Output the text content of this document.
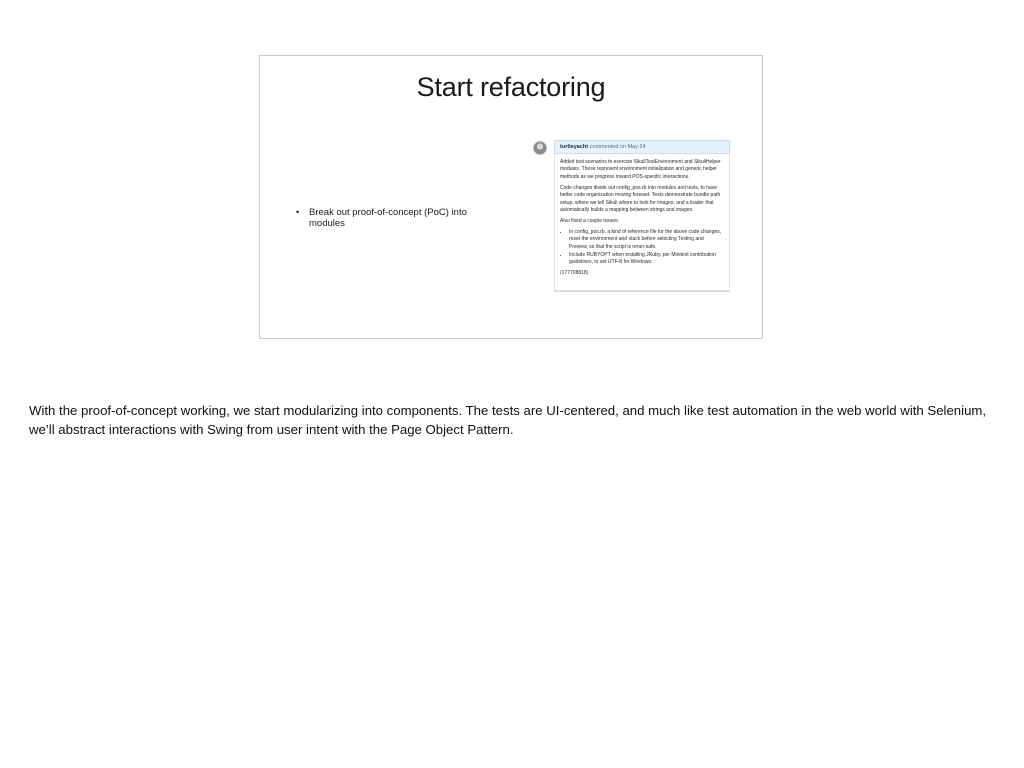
Start refactoring
• Break out proof-of-concept (PoC) into modules
turtleyacht commented on May 24

Added test scenarios to exercise SikuliTestEnvironment and SikuliHelper modules. These represent environment initialization and generic helper methods as we progress toward POS-specific interactions.

Code changes divide out config_pos.rb into modules and tests, to have better code organization moving forward. Tests demonstrate bundle path setup, where we tell Sikuli where to look for images, and a loader that automatically builds a mapping between strings and images.

Also fixed a couple issues:

• In config_pos.rb, a kind of reference file for the above code changes, reset the environment and stack before selecting Testing and Preview, so that the script is rerun-safe.
• Include RUBYOPT when installing JRuby, per Minitest contribution guidelines, to set UTF-8 for Windows.

(177708818)

With the proof-of-concept working, we start modularizing into components. The tests are UI-centered, and much like test automation in the web world with Selenium, we’ll abstract interactions with Swing from user intent with the Page Object Pattern.
